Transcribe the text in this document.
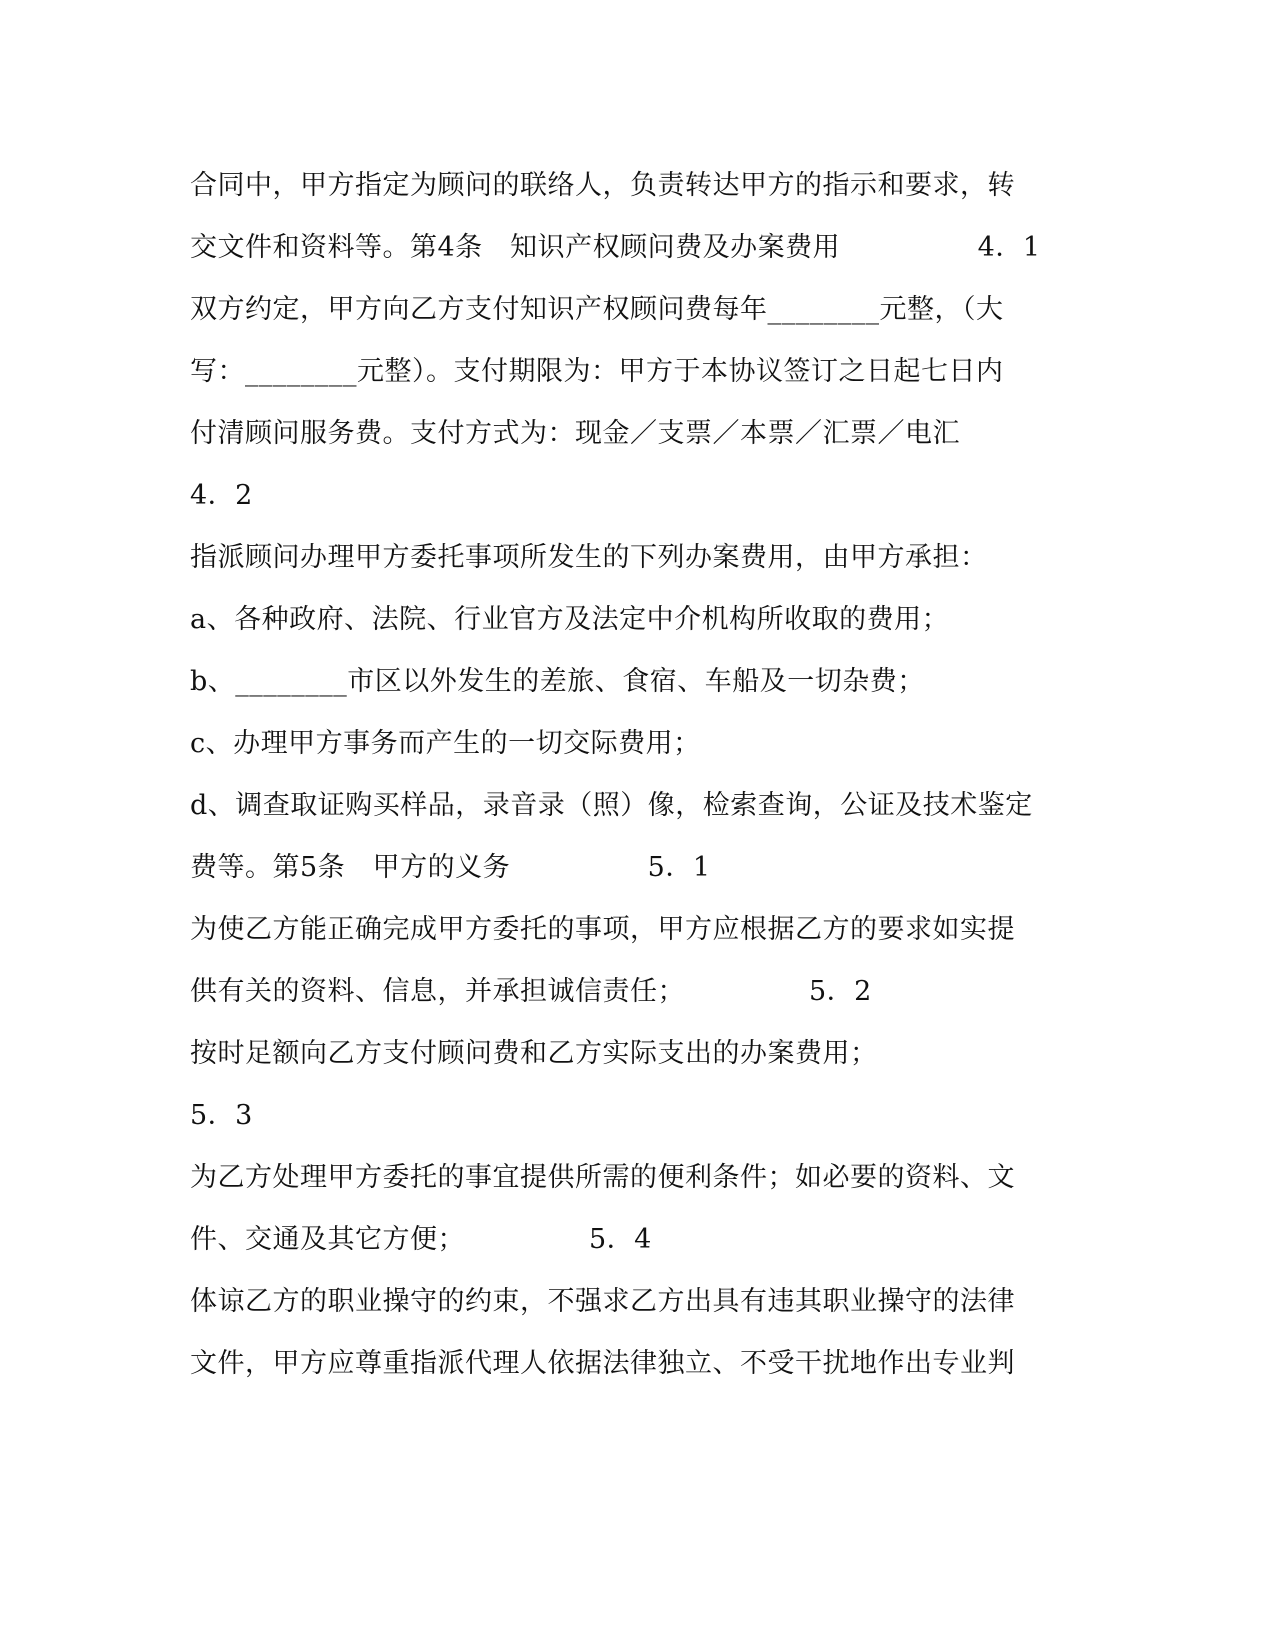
合同中，甲方指定为顾问的联络人，负责转达甲方的指示和要求，转
交文件和资料等。第4条　知识产权顾问费及办案费用　　　　　4．1
双方约定，甲方向乙方支付知识产权顾问费每年________元整，（大
写：________元整）。支付期限为：甲方于本协议签订之日起七日内
付清顾问服务费。支付方式为：现金／支票／本票／汇票／电汇
4．2
指派顾问办理甲方委托事项所发生的下列办案费用，由甲方承担：
a、各种政府、法院、行业官方及法定中介机构所收取的费用；
b、________市区以外发生的差旅、食宿、车船及一切杂费；
c、办理甲方事务而产生的一切交际费用；
d、调查取证购买样品，录音录（照）像，检索查询，公证及技术鉴定
费等。第5条　甲方的义务　　　　　5．1
为使乙方能正确完成甲方委托的事项，甲方应根据乙方的要求如实提
供有关的资料、信息，并承担诚信责任；　　　　　5．2
按时足额向乙方支付顾问费和乙方实际支出的办案费用；
5．3
为乙方处理甲方委托的事宜提供所需的便利条件；如必要的资料、文
件、交通及其它方便；　　　　　5．4
体谅乙方的职业操守的约束，不强求乙方出具有违其职业操守的法律
文件，甲方应尊重指派代理人依据法律独立、不受干扰地作出专业判
